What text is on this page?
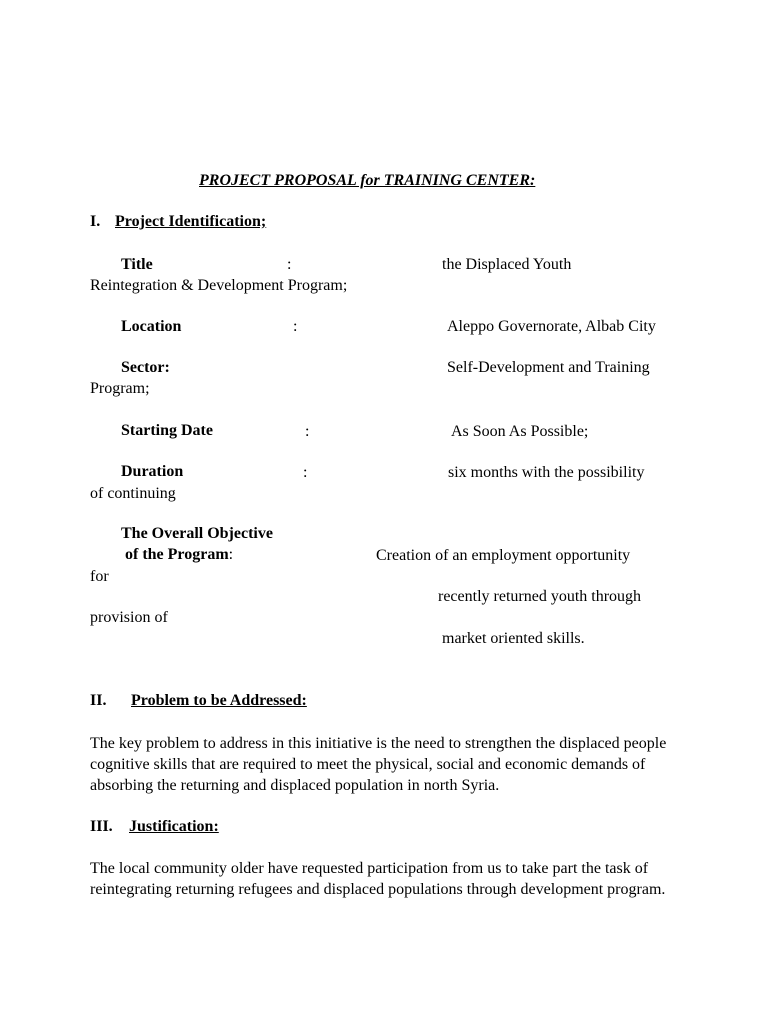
PROJECT PROPOSAL for TRAINING CENTER:

I. Project Identification;

Title	:	the Displaced Youth

Reintegration & Development Program;

Location	:	Aleppo Governorate, Albab City

Sector:	Self-Development and Training

Program;

Starting Date	:	As Soon As Possible;

Duration	:	six months with the possibility

of continuing

The Overall Objective

of the Program:	Creation of an employment opportunity

for

recently returned youth through

provision of

market oriented skills.

II. Problem to be Addressed:

The key problem to address in this initiative is the need to strengthen the displaced people cognitive skills that are required to meet the physical, social and economic demands of absorbing the returning and displaced population in north Syria.

III. Justification:

The local community older have requested participation from us to take part the task of reintegrating returning refugees and displaced populations through development program.
